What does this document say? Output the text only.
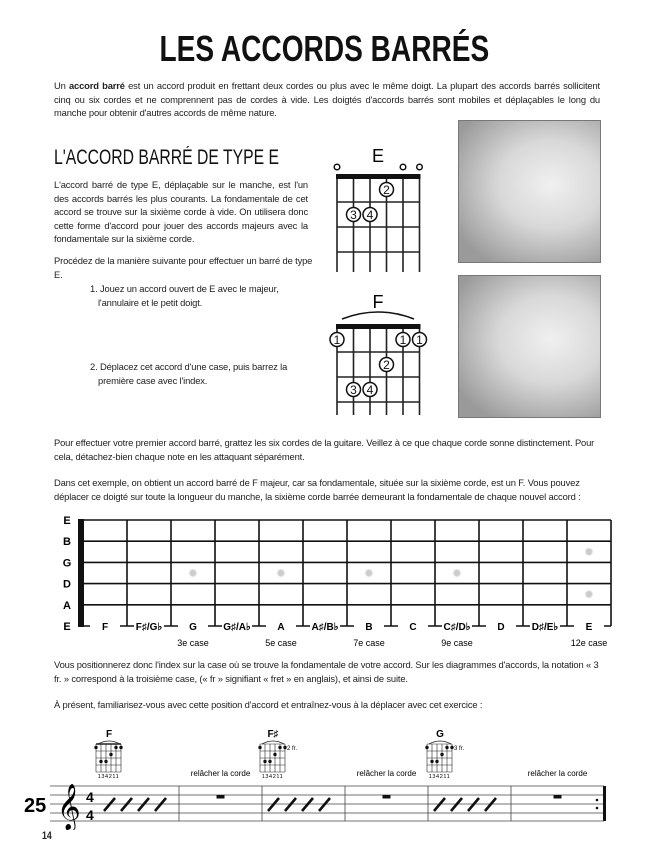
LES ACCORDS BARRÉS

Un accord barré est un accord produit en frettant deux cordes ou plus avec le même doigt. La plupart des accords barrés sollicitent cinq ou six cordes et ne comprennent pas de cordes à vide. Les doigtés d'accords barrés sont mobiles et déplaçables le long du manche pour obtenir d'autres accords de même nature.

L'ACCORD BARRÉ DE TYPE E

L'accord barré de type E, déplaçable sur le manche, est l'un des accords barrés les plus courants. La fondamentale de cet accord se trouve sur la sixième corde à vide. On utilisera donc cette forme d'accord pour jouer des accords majeurs avec la fondamentale sur la sixième corde.

Procédez de la manière suivante pour effectuer un barré de type E.

1. Jouez un accord ouvert de E avec le majeur, l'annulaire et le petit doigt.

2. Déplacez cet accord d'une case, puis barrez la première case avec l'index.

E
2
3 4
F
1	1 1
2
3 4

Pour effectuer votre premier accord barré, grattez les six cordes de la guitare. Veillez à ce que chaque corde sonne distinctement. Pour cela, détachez-bien chaque note en les attaquant séparément.

Dans cet exemple, on obtient un accord barré de F majeur, car sa fondamentale, située sur la sixième corde, est un F. Vous pouvez déplacer ce doigté sur toute la longueur du manche, la sixième corde barrée demeurant la fondamentale de chaque nouvel accord :

E
B
G
D
A
E	F	F♯/G♭	G	G♯/A♭	A	A♯/B♭	B	C	C♯/D♭	D	D♯/E♭	E
3e case	5e case	7e case	9e case	12e case

Vous positionnerez donc l'index sur la case où se trouve la fondamentale de votre accord. Sur les diagrammes d'accords, la notation « 3 fr. » correspond à la troisième case, (« fr » signifiant « fret » en anglais), et ainsi de suite.

À présent, familiarisez-vous avec cette position d'accord et entraînez-vous à la déplacer avec cet exercice :

25 𝄞 4
4
relâcher la corde
F
134211	relâcher la corde
F♯
2 fr.
134211	relâcher la corde
G
3 fr.
134211
14
